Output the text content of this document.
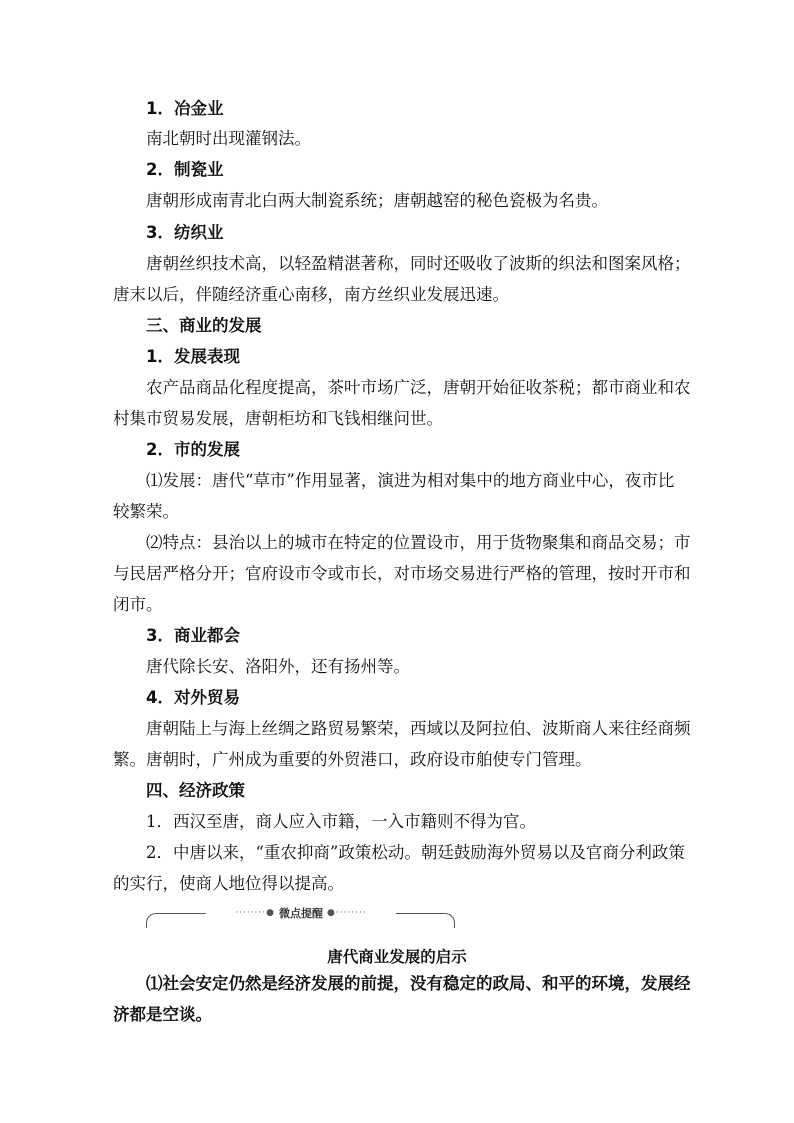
1．冶金业
南北朝时出现灌钢法。
2．制瓷业
唐朝形成南青北白两大制瓷系统；唐朝越窑的秘色瓷极为名贵。
3．纺织业
唐朝丝织技术高，以轻盈精湛著称，同时还吸收了波斯的织法和图案风格；
唐末以后，伴随经济重心南移，南方丝织业发展迅速。
三、商业的发展
1．发展表现
农产品商品化程度提高，茶叶市场广泛，唐朝开始征收茶税；都市商业和农
村集市贸易发展，唐朝柜坊和飞钱相继问世。
2．市的发展
⑴发展：唐代“草市”作用显著，演进为相对集中的地方商业中心，夜市比
较繁荣。
⑵特点：县治以上的城市在特定的位置设市，用于货物聚集和商品交易；市
与民居严格分开；官府设市令或市长，对市场交易进行严格的管理，按时开市和
闭市。
3．商业都会
唐代除长安、洛阳外，还有扬州等。
4．对外贸易
唐朝陆上与海上丝绸之路贸易繁荣，西域以及阿拉伯、波斯商人来往经商频
繁。唐朝时，广州成为重要的外贸港口，政府设市舶使专门管理。
四、经济政策
1．西汉至唐，商人应入市籍，一入市籍则不得为官。
2．中唐以来，“重农抑商”政策松动。朝廷鼓励海外贸易以及官商分利政策
的实行，使商人地位得以提高。
········● 微点提醒 ●········
唐代商业发展的启示
⑴社会安定仍然是经济发展的前提，没有稳定的政局、和平的环境，发展经
济都是空谈。
